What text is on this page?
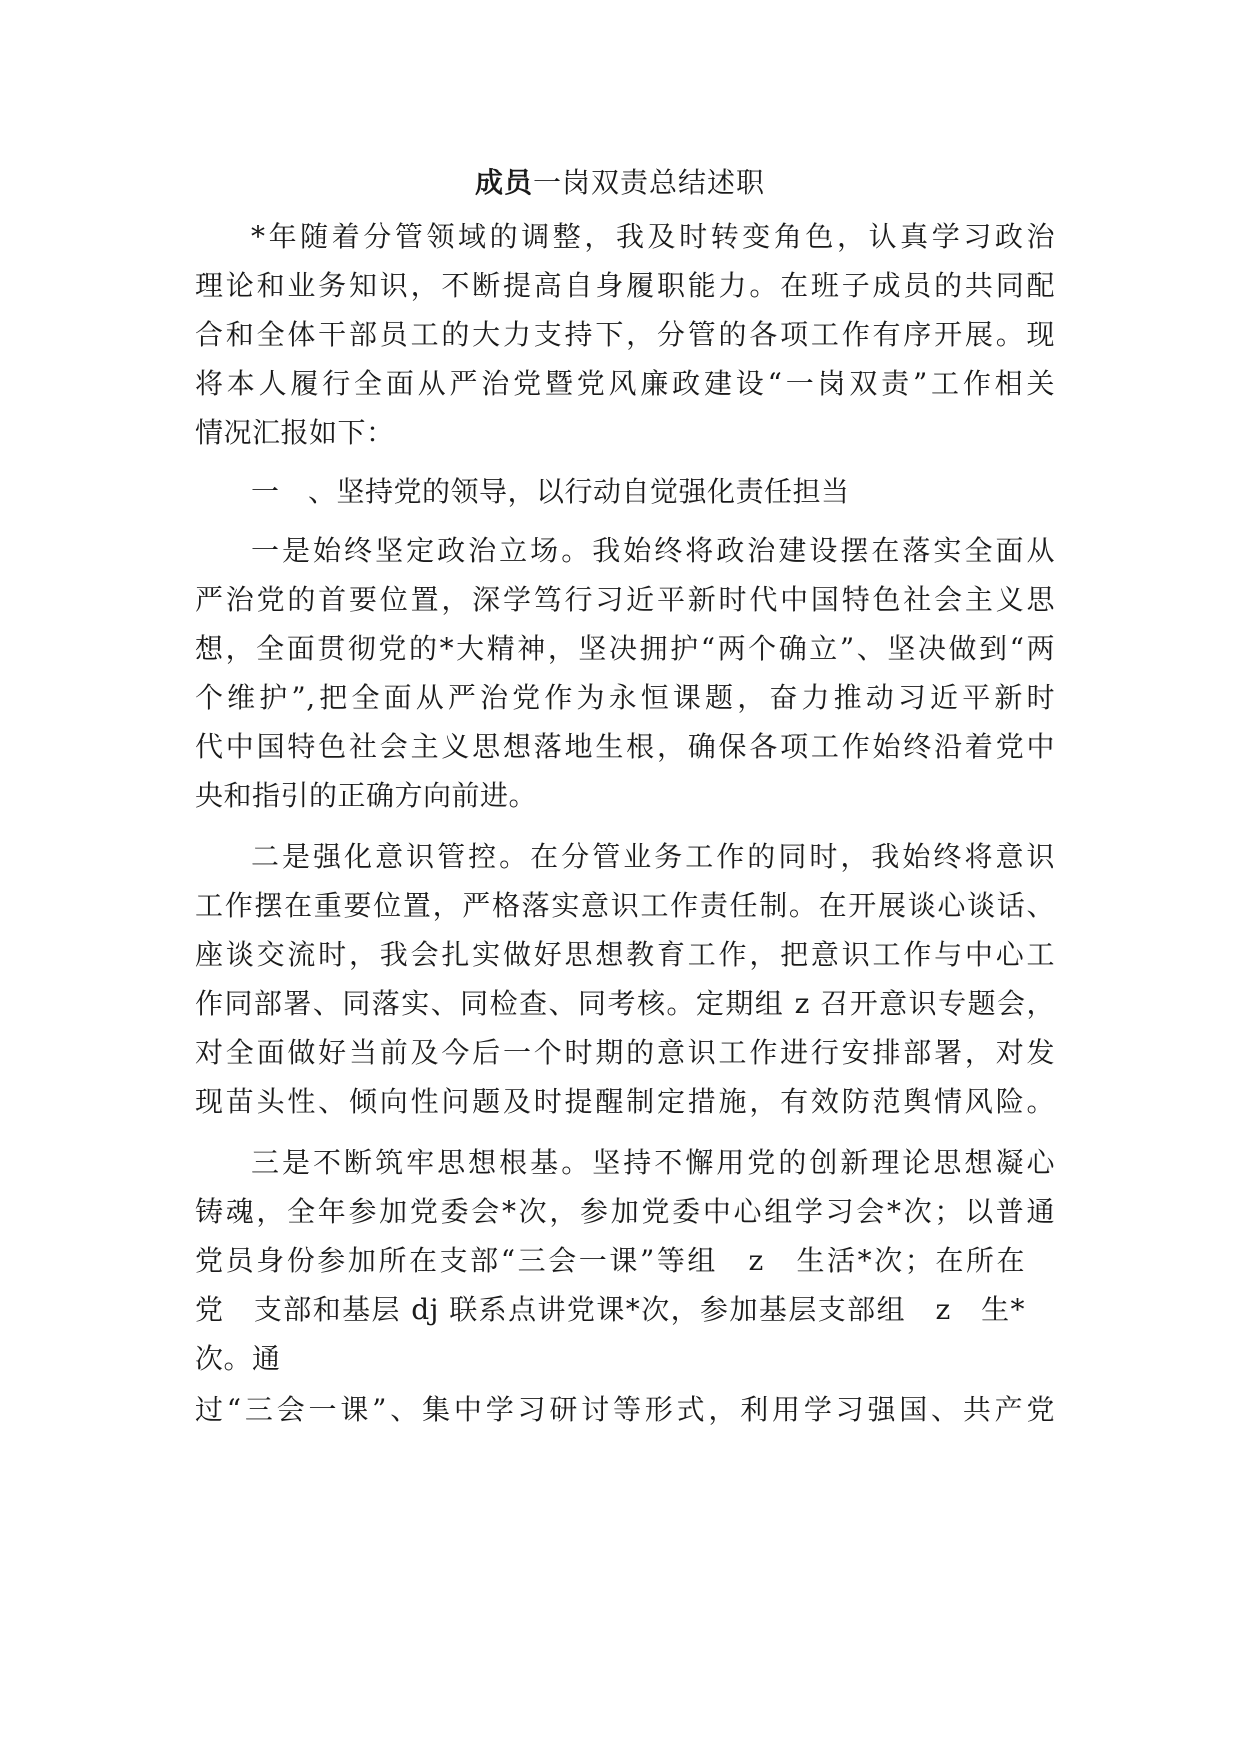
成员一岗双责总结述职
*年随着分管领域的调整，我及时转变角色，认真学习政治
理论和业务知识，不断提高自身履职能力。在班子成员的共同配
合和全体干部员工的大力支持下，分管的各项工作有序开展。现
将本人履行全面从严治党暨党风廉政建设“一岗双责”工作相关
情况汇报如下：
一　、坚持党的领导，以行动自觉强化责任担当
一是始终坚定政治立场。我始终将政治建设摆在落实全面从
严治党的首要位置，深学笃行习近平新时代中国特色社会主义思
想，全面贯彻党的*大精神，坚决拥护“两个确立”、坚决做到“两
个维护”,把全面从严治党作为永恒课题，奋力推动习近平新时
代中国特色社会主义思想落地生根，确保各项工作始终沿着党中
央和指引的正确方向前进。
二是强化意识管控。在分管业务工作的同时，我始终将意识
工作摆在重要位置，严格落实意识工作责任制。在开展谈心谈话、
座谈交流时，我会扎实做好思想教育工作，把意识工作与中心工
作同部署、同落实、同检查、同考核。定期组 z 召开意识专题会，
对全面做好当前及今后一个时期的意识工作进行安排部署，对发
现苗头性、倾向性问题及时提醒制定措施，有效防范舆情风险。
三是不断筑牢思想根基。坚持不懈用党的创新理论思想凝心
铸魂，全年参加党委会*次，参加党委中心组学习会*次；以普通
党员身份参加所在支部“三会一课”等组　z　生活*次；在所在
党　支部和基层 dj 联系点讲党课*次，参加基层支部组　z　生*
次。通
过“三会一课”、集中学习研讨等形式，利用学习强国、共产党
